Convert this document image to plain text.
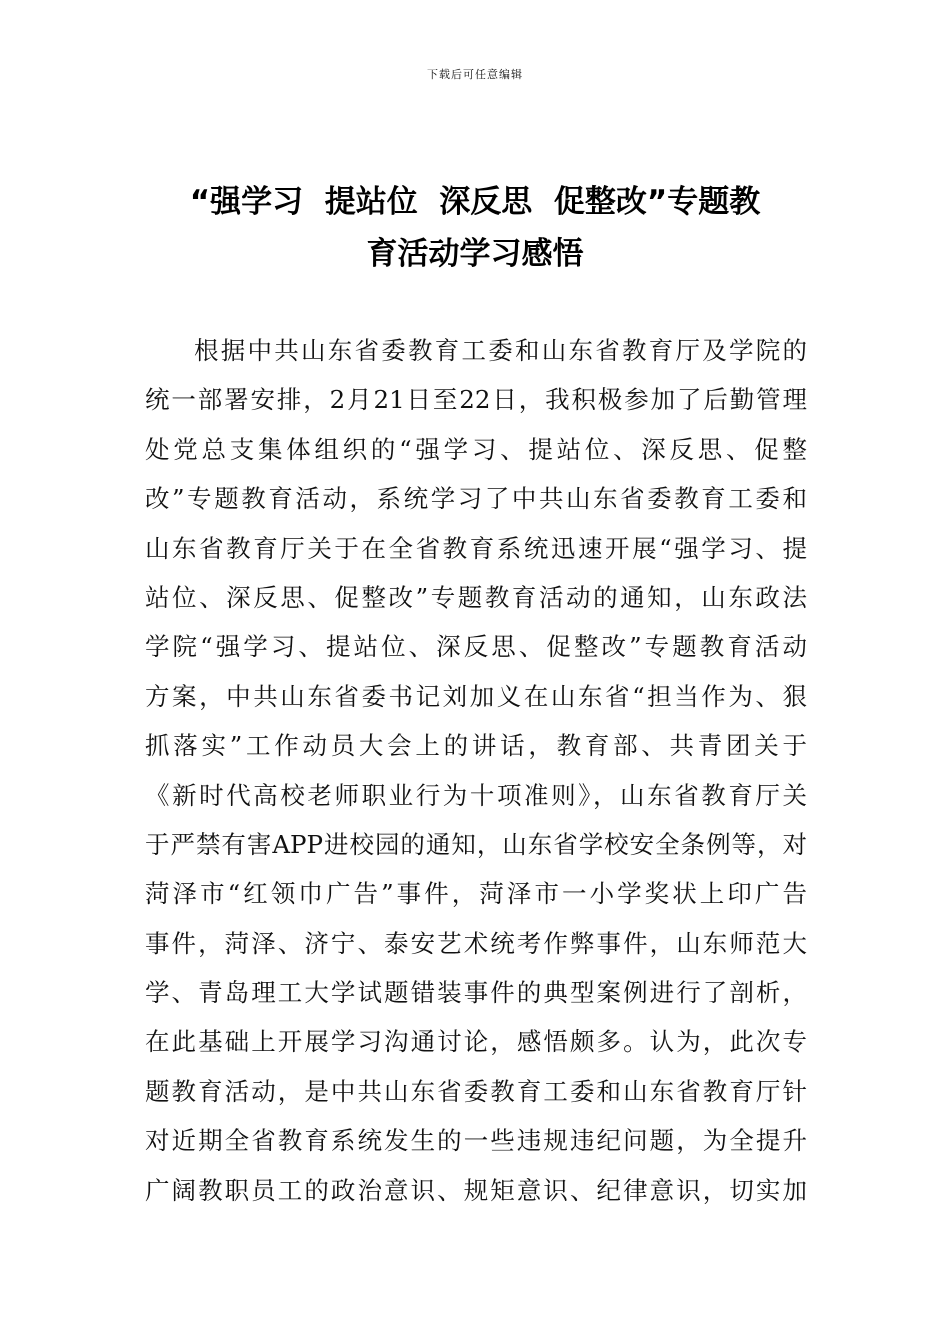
下载后可任意编辑
“强学习  提站位  深反思  促整改”专题教
育活动学习感悟
根据中共山东省委教育工委和山东省教育厅及学院的
统一部署安排，2月21日至22日，我积极参加了后勤管理
处党总支集体组织的“强学习、提站位、深反思、促整
改”专题教育活动，系统学习了中共山东省委教育工委和
山东省教育厅关于在全省教育系统迅速开展“强学习、提
站位、深反思、促整改”专题教育活动的通知，山东政法
学院“强学习、提站位、深反思、促整改”专题教育活动
方案，中共山东省委书记刘加义在山东省“担当作为、狠
抓落实”工作动员大会上的讲话，教育部、共青团关于
《新时代高校老师职业行为十项准则》，山东省教育厅关
于严禁有害APP进校园的通知，山东省学校安全条例等，对
菏泽市“红领巾广告”事件，菏泽市一小学奖状上印广告
事件，菏泽、济宁、泰安艺术统考作弊事件，山东师范大
学、青岛理工大学试题错装事件的典型案例进行了剖析，
在此基础上开展学习沟通讨论，感悟颇多。认为，此次专
题教育活动，是中共山东省委教育工委和山东省教育厅针
对近期全省教育系统发生的一些违规违纪问题，为全提升
广阔教职员工的政治意识、规矩意识、纪律意识，切实加
